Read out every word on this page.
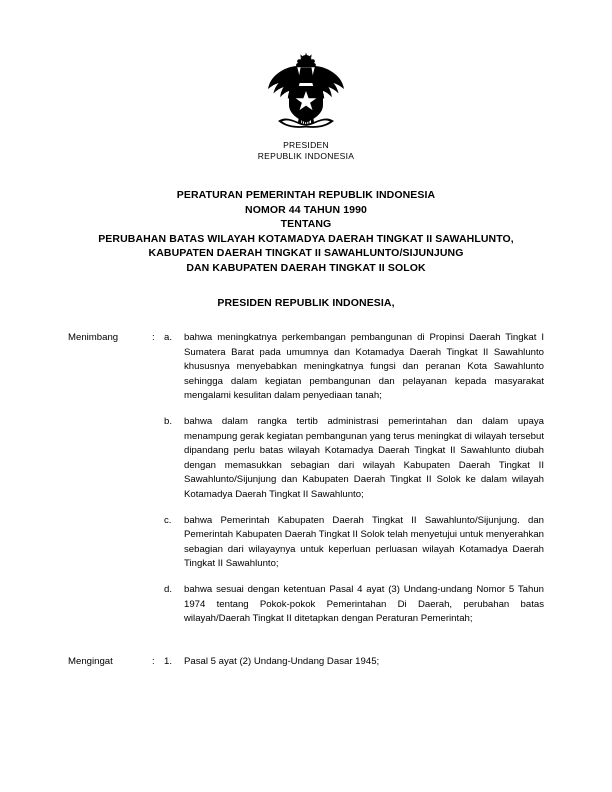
PRESIDEN
REPUBLIK INDONESIA
PERATURAN PEMERINTAH REPUBLIK INDONESIA
NOMOR 44 TAHUN 1990
TENTANG
PERUBAHAN BATAS WILAYAH KOTAMADYA DAERAH TINGKAT II SAWAHLUNTO,
KABUPATEN DAERAH TINGKAT II SAWAHLUNTO/SIJUNJUNG
DAN KABUPATEN DAERAH TINGKAT II SOLOK
PRESIDEN REPUBLIK INDONESIA,
Menimbang	: a.	bahwa meningkatnya perkembangan pembangunan di Propinsi Daerah Tingkat I Sumatera Barat pada umumnya dan Kotamadya Daerah Tingkat II Sawahlunto khususnya menyebabkan meningkatnya fungsi dan peranan Kota Sawahlunto sehingga dalam kegiatan pembangunan dan pelayanan kepada masyarakat mengalami kesulitan dalam penyediaan tanah;
b.	bahwa dalam rangka tertib administrasi pemerintahan dan dalam upaya menampung gerak kegiatan pembangunan yang terus meningkat di wilayah tersebut dipandang perlu batas wilayah Kotamadya Daerah Tingkat II Sawahlunto diubah dengan memasukkan sebagian dari wilayah Kabupaten Daerah Tingkat II Sawahlunto/Sijunjung dan Kabupaten Daerah Tingkat II Solok ke dalam wilayah Kotamadya Daerah Tingkat II Sawahlunto;
c.	bahwa Pemerintah Kabupaten Daerah Tingkat II Sawahlunto/Sijunjung. dan Pemerintah Kabupaten Daerah Tingkat II Solok telah menyetujui untuk menyerahkan sebagian dari wilayaynya untuk keperluan perluasan wilayah Kotamadya Daerah Tingkat II Sawahlunto;
d.	bahwa sesuai dengan ketentuan Pasal 4 ayat (3) Undang-undang Nomor 5 Tahun 1974 tentang Pokok-pokok Pemerintahan Di Daerah, perubahan batas wilayah/Daerah Tingkat II ditetapkan dengan Peraturan Pemerintah;
Mengingat	: 1.	Pasal 5 ayat (2) Undang-Undang Dasar 1945;
